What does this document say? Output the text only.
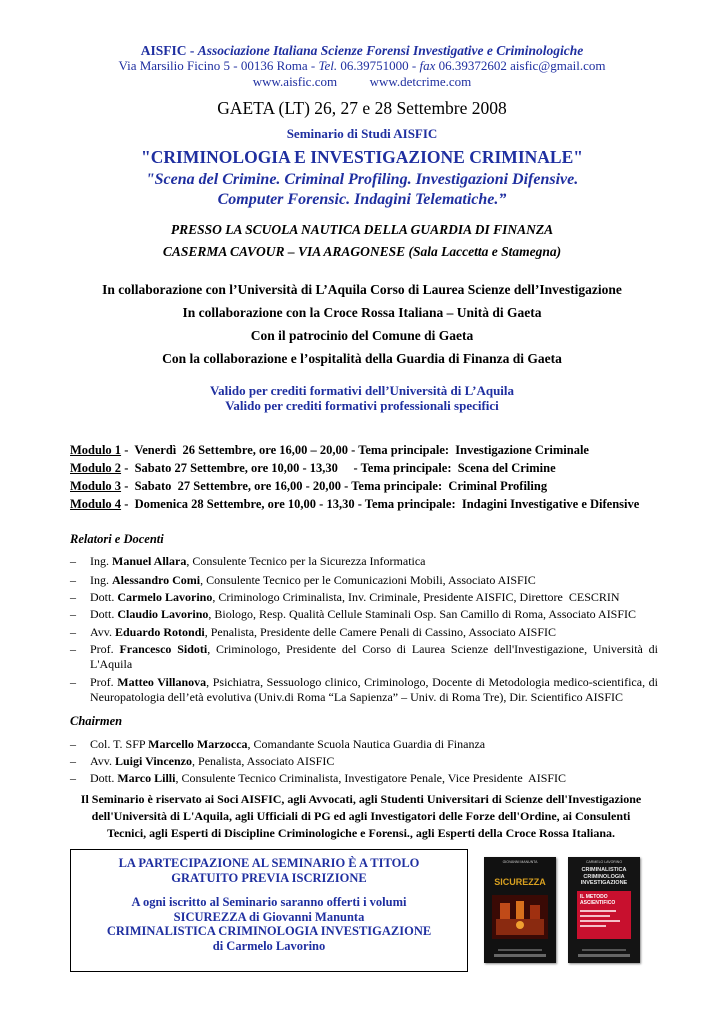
AISFIC - Associazione Italiana Scienze Forensi Investigative e Criminologiche
Via Marsilio Ficino 5 - 00136 Roma - Tel. 06.39751000 - fax 06.39372602 aisfic@gmail.com
www.aisfic.com          www.detcrime.com
GAETA (LT) 26, 27 e 28 Settembre 2008
Seminario di Studi AISFIC
"CRIMINOLOGIA E INVESTIGAZIONE CRIMINALE"
"Scena del Crimine. Criminal Profiling. Investigazioni Difensive.
Computer Forensic. Indagini Telematiche.”
PRESSO LA SCUOLA NAUTICA DELLA GUARDIA DI FINANZA
CASERMA CAVOUR – VIA ARAGONESE (Sala Laccetta e Stamegna)
In collaborazione con l’Università di L’Aquila Corso di Laurea Scienze dell’Investigazione
In collaborazione con la Croce Rossa Italiana – Unità di Gaeta
Con il patrocinio del Comune di Gaeta
Con la collaborazione e l’ospitalità della Guardia di Finanza di Gaeta
Valido per crediti formativi dell’Università di L’Aquila
Valido per crediti formativi professionali specifici
Modulo 1 -  Venerdì  26 Settembre, ore 16,00 – 20,00 - Tema principale:  Investigazione Criminale
Modulo 2 -  Sabato 27 Settembre, ore 10,00 - 13,30     - Tema principale:  Scena del Crimine
Modulo 3 -  Sabato  27 Settembre, ore 16,00 - 20,00 - Tema principale:  Criminal Profiling
Modulo 4 -  Domenica 28 Settembre, ore 10,00 - 13,30 - Tema principale:  Indagini Investigative e Difensive
Relatori e Docenti
– Ing. Manuel Allara, Consulente Tecnico per la Sicurezza Informatica
– Ing. Alessandro Comi, Consulente Tecnico per le Comunicazioni Mobili, Associato AISFIC
– Dott. Carmelo Lavorino, Criminologo Criminalista, Inv. Criminale, Presidente AISFIC, Direttore  CESCRIN
– Dott. Claudio Lavorino, Biologo, Resp. Qualità Cellule Staminali Osp. San Camillo di Roma, Associato AISFIC
– Avv. Eduardo Rotondi, Penalista, Presidente delle Camere Penali di Cassino, Associato AISFIC
– Prof. Francesco Sidoti, Criminologo, Presidente del Corso di Laurea Scienze dell'Investigazione, Università di L'Aquila
– Prof. Matteo Villanova, Psichiatra, Sessuologo clinico, Criminologo, Docente di Metodologia medico-scientifica, di Neuropatologia dell’età evolutiva (Univ.di Roma “La Sapienza” – Univ. di Roma Tre), Dir. Scientifico AISFIC
Chairmen
– Col. T. SFP Marcello Marzocca, Comandante Scuola Nautica Guardia di Finanza
– Avv. Luigi Vincenzo, Penalista, Associato AISFIC
– Dott. Marco Lilli, Consulente Tecnico Criminalista, Investigatore Penale, Vice Presidente  AISFIC
Il Seminario è riservato ai Soci AISFIC, agli Avvocati, agli Studenti Universitari di Scienze dell'Investigazione
dell'Università di L'Aquila, agli Ufficiali di PG ed agli Investigatori delle Forze dell'Ordine, ai Consulenti
Tecnici, agli Esperti di Discipline Criminologiche e Forensi., agli Esperti della Croce Rossa Italiana.

LA PARTECIPAZIONE AL SEMINARIO È A TITOLO

GRATUITO PREVIA ISCRIZIONE

A ogni iscritto al Seminario saranno offerti i volumi

SICUREZZA di Giovanni Manunta

CRIMINALISTICA CRIMINOLOGIA INVESTIGAZIONE

di Carmelo Lavorino

GIOVANNI MANUNTA
SICUREZZA
CARMELO LAVORINO
CRIMINALISTICA
CRIMINOLOGIA
INVESTIGAZIONE
IL METODO
ASCIENTIFICO
